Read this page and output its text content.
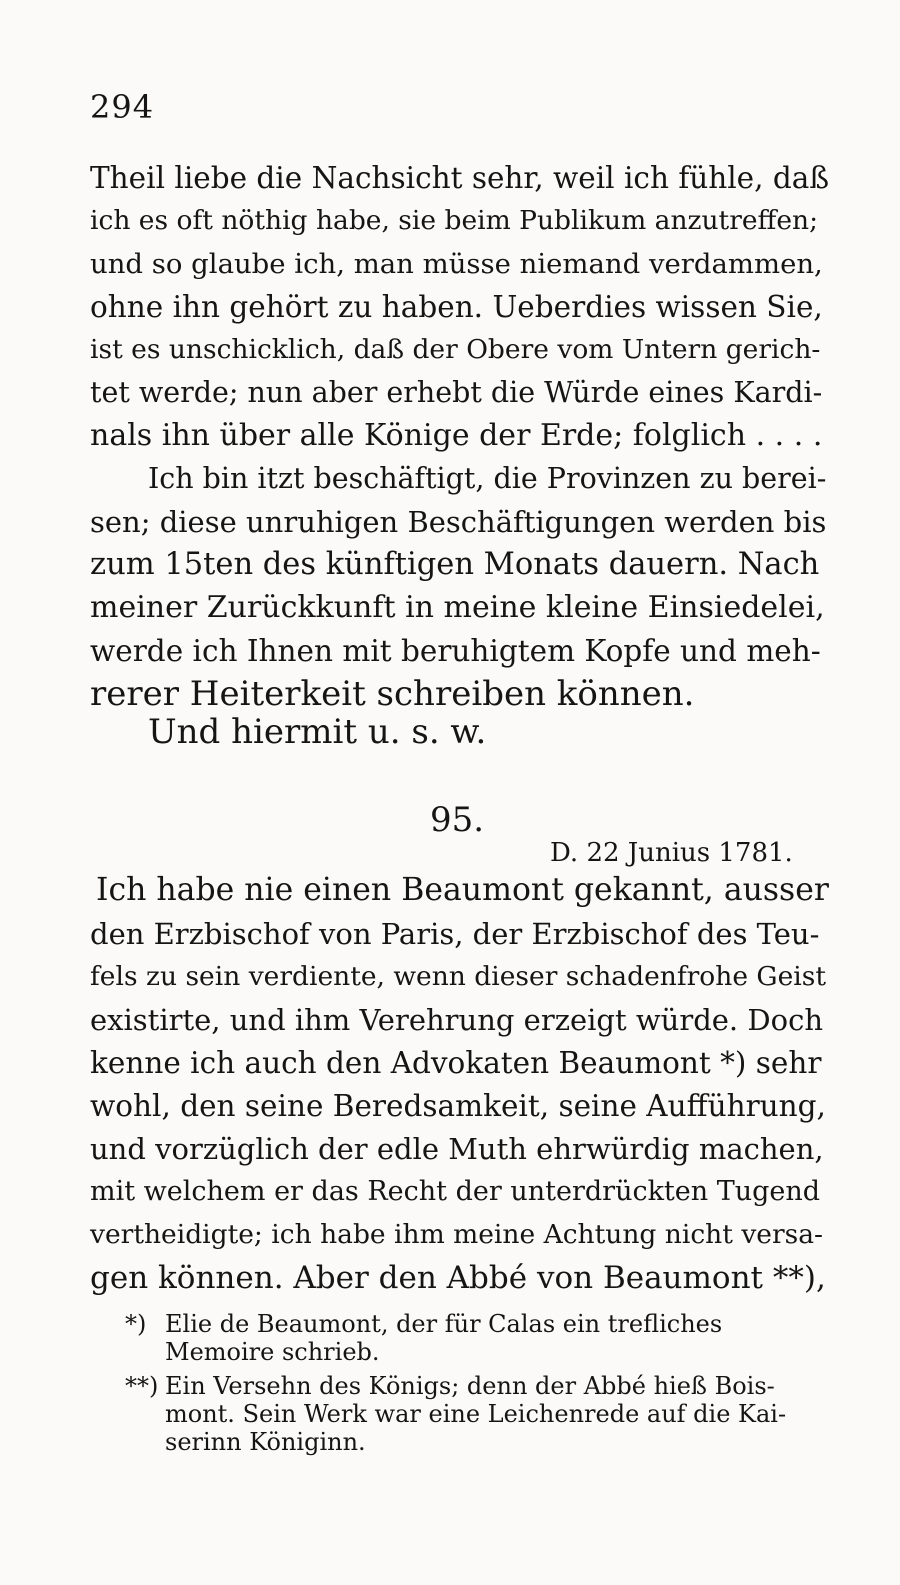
294
Theil liebe die Nachsicht sehr, weil ich fühle, daß
ich es oft nöthig habe, sie beim Publikum anzutreffen;
und so glaube ich, man müsse niemand verdammen,
ohne ihn gehört zu haben. Ueberdies wissen Sie,
ist es unschicklich, daß der Obere vom Untern gerich-
tet werde; nun aber erhebt die Würde eines Kardi-
nals ihn über alle Könige der Erde; folglich . . . .
Ich bin itzt beschäftigt, die Provinzen zu berei-
sen; diese unruhigen Beschäftigungen werden bis
zum 15ten des künftigen Monats dauern. Nach
meiner Zurückkunft in meine kleine Einsiedelei,
werde ich Ihnen mit beruhigtem Kopfe und meh-
rerer Heiterkeit schreiben können.
Und hiermit u. s. w.
95.
D. 22 Junius 1781.
Ich habe nie einen Beaumont gekannt, ausser
den Erzbischof von Paris, der Erzbischof des Teu-
fels zu sein verdiente, wenn dieser schadenfrohe Geist
existirte, und ihm Verehrung erzeigt würde. Doch
kenne ich auch den Advokaten Beaumont *) sehr
wohl, den seine Beredsamkeit, seine Aufführung,
und vorzüglich der edle Muth ehrwürdig machen,
mit welchem er das Recht der unterdrückten Tugend
vertheidigte; ich habe ihm meine Achtung nicht versa-
gen können. Aber den Abbé von Beaumont **),
*) Elie de Beaumont, der für Calas ein trefliches
Memoire schrieb.
**) Ein Versehn des Königs; denn der Abbé hieß Bois-
mont. Sein Werk war eine Leichenrede auf die Kai-
serinn Königinn.
